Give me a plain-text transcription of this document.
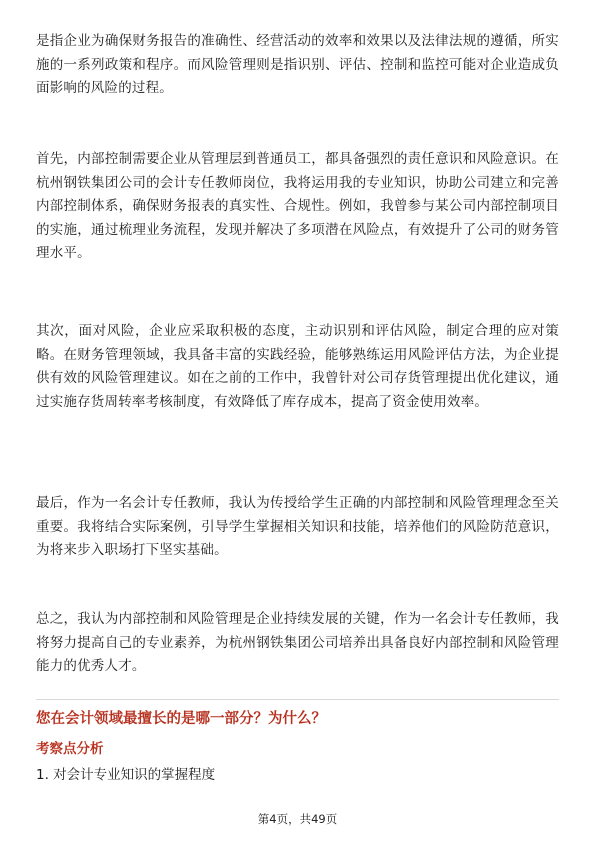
是指企业为确保财务报告的准确性、经营活动的效率和效果以及法律法规的遵循，所实施的一系列政策和程序。而风险管理则是指识别、评估、控制和监控可能对企业造成负面影响的风险的过程。

首先，内部控制需要企业从管理层到普通员工，都具备强烈的责任意识和风险意识。在杭州钢铁集团公司的会计专任教师岗位，我将运用我的专业知识，协助公司建立和完善内部控制体系，确保财务报表的真实性、合规性。例如，我曾参与某公司内部控制项目的实施，通过梳理业务流程，发现并解决了多项潜在风险点，有效提升了公司的财务管理水平。

其次，面对风险，企业应采取积极的态度，主动识别和评估风险，制定合理的应对策略。在财务管理领域，我具备丰富的实践经验，能够熟练运用风险评估方法，为企业提供有效的风险管理建议。如在之前的工作中，我曾针对公司存货管理提出优化建议，通过实施存货周转率考核制度，有效降低了库存成本，提高了资金使用效率。

最后，作为一名会计专任教师，我认为传授给学生正确的内部控制和风险管理理念至关重要。我将结合实际案例，引导学生掌握相关知识和技能，培养他们的风险防范意识，为将来步入职场打下坚实基础。

总之，我认为内部控制和风险管理是企业持续发展的关键，作为一名会计专任教师，我将努力提高自己的专业素养，为杭州钢铁集团公司培养出具备良好内部控制和风险管理能力的优秀人才。

您在会计领域最擅长的是哪一部分？为什么？

考察点分析

1. 对会计专业知识的掌握程度

第4页，共49页
